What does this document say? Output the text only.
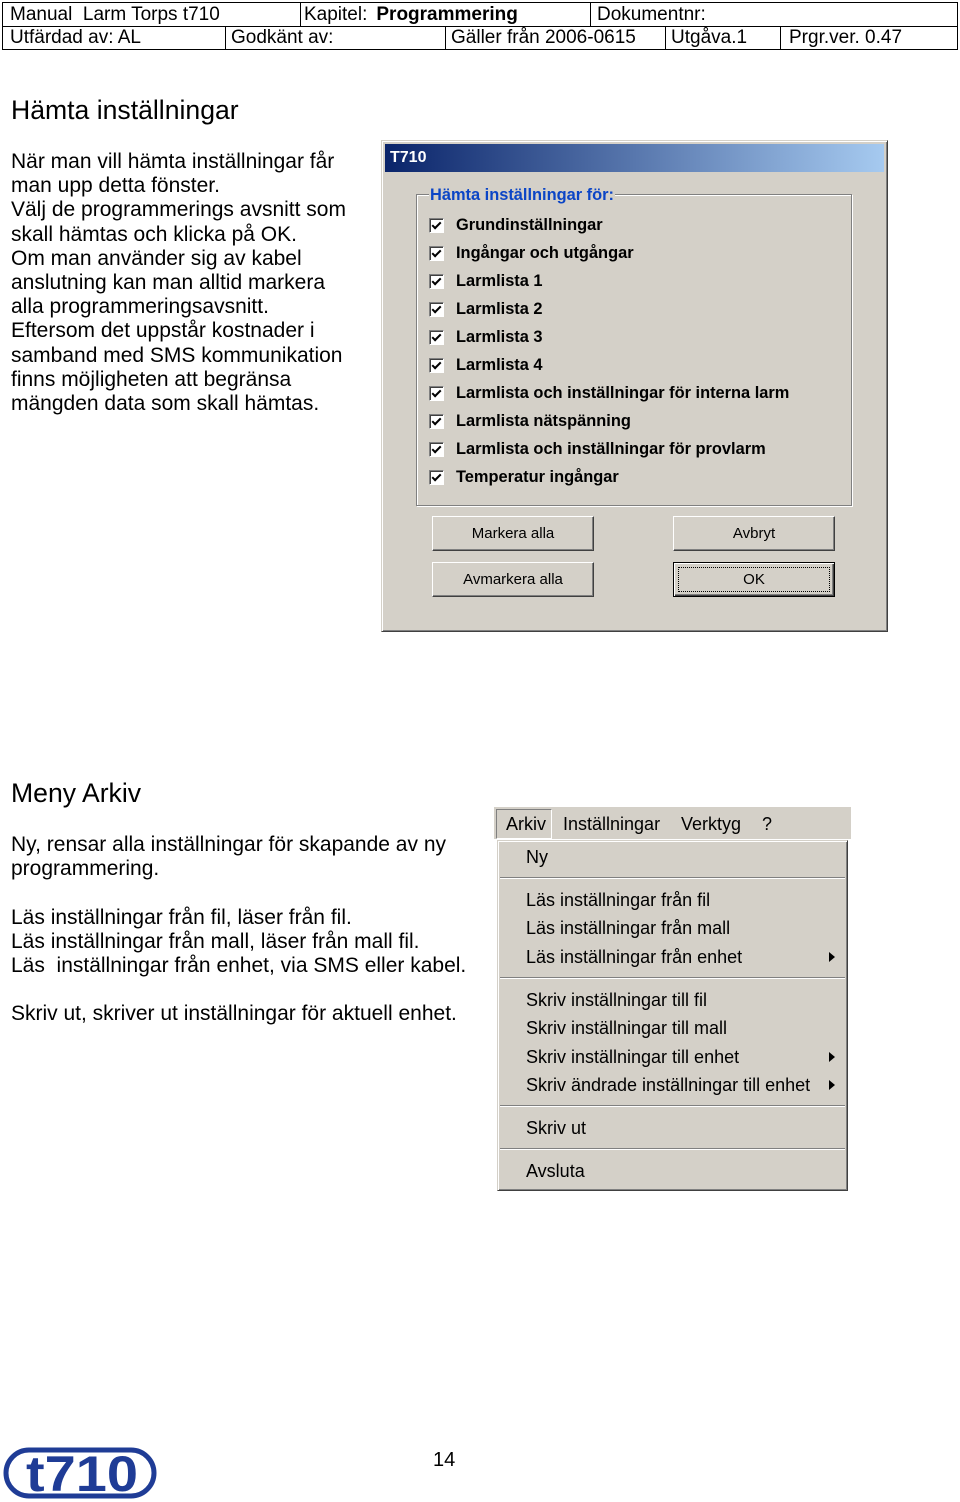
Manual  Larm Torps t710	Kapitel: Programmering	Dokumentnr:
Utfärdad av: AL	Godkänt av:	Gäller från 2006-0615	Utgåva.1	Prgr.ver. 0.47
Hämta inställningar
När man vill hämta inställningar får
man upp detta fönster.
Välj de programmerings avsnitt som
skall hämtas och klicka på OK.
Om man använder sig av kabel
anslutning kan man alltid markera
alla programmeringsavsnitt.
Eftersom det uppstår kostnader i
samband med SMS kommunikation
finns möjligheten att begränsa
mängden data som skall hämtas.
T710
Hämta inställningar för:
Grundinställningar
Ingångar och utgångar
Larmlista 1
Larmlista 2
Larmlista 3
Larmlista 4
Larmlista och inställningar för interna larm
Larmlista nätspänning
Larmlista och inställningar för provlarm
Temperatur ingångar
Markera alla	Avbryt
Avmarkera alla	OK
Meny Arkiv
Ny, rensar alla inställningar för skapande av ny
programmering.
Läs inställningar från fil, läser från fil.
Läs inställningar från mall, läser från mall fil.
Läs  inställningar från enhet, via SMS eller kabel.
Skriv ut, skriver ut inställningar för aktuell enhet.
Arkiv Inställningar	Verktyg	?
Ny
Läs inställningar från fil
Läs inställningar från mall
Läs inställningar från enhet
Skriv inställningar till fil
Skriv inställningar till mall
Skriv inställningar till enhet
Skriv ändrade inställningar till enhet
Skriv ut
Avsluta
14
t710
